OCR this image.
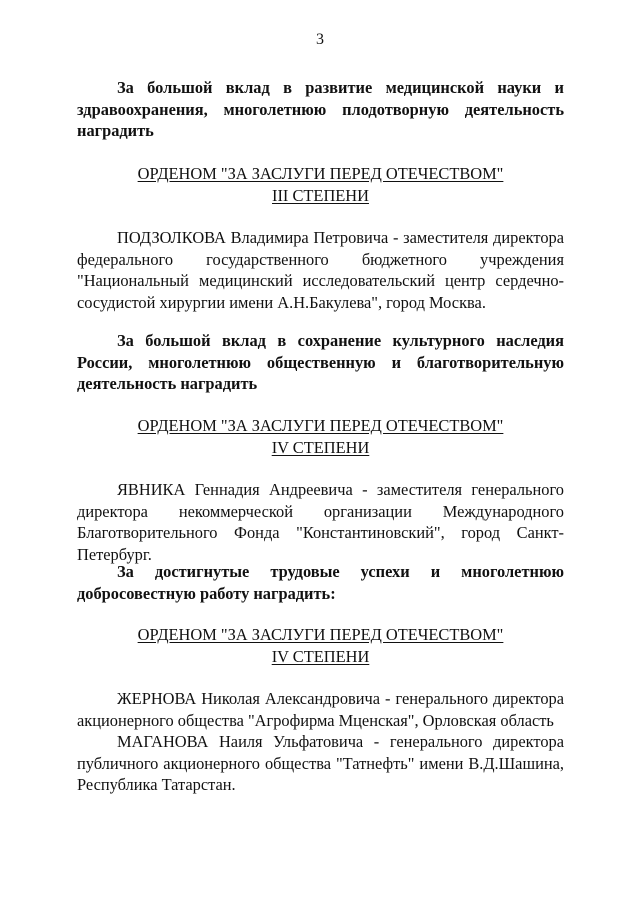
3

За большой вклад в развитие медицинской науки и здравоохранения, многолетнюю плодотворную деятельность наградить

ОРДЕНОМ "ЗА ЗАСЛУГИ ПЕРЕД ОТЕЧЕСТВОМ"
III СТЕПЕНИ

ПОДЗОЛКОВА Владимира Петровича - заместителя директора федерального государственного бюджетного учреждения "Национальный медицинский исследовательский центр сердечно-сосудистой хирургии имени А.Н.Бакулева", город Москва.

За большой вклад в сохранение культурного наследия России, многолетнюю общественную и благотворительную деятельность наградить

ОРДЕНОМ "ЗА ЗАСЛУГИ ПЕРЕД ОТЕЧЕСТВОМ"
IV СТЕПЕНИ

ЯВНИКА Геннадия Андреевича - заместителя генерального директора некоммерческой организации Международного Благотворительного Фонда "Константиновский", город Санкт-Петербург.

За достигнутые трудовые успехи и многолетнюю добросовестную работу наградить:

ОРДЕНОМ "ЗА ЗАСЛУГИ ПЕРЕД ОТЕЧЕСТВОМ"
IV СТЕПЕНИ

ЖЕРНОВА Николая Александровича - генерального директора акционерного общества "Агрофирма Мценская", Орловская область

МАГАНОВА Наиля Ульфатовича - генерального директора публичного акционерного общества "Татнефть" имени В.Д.Шашина, Республика Татарстан.
